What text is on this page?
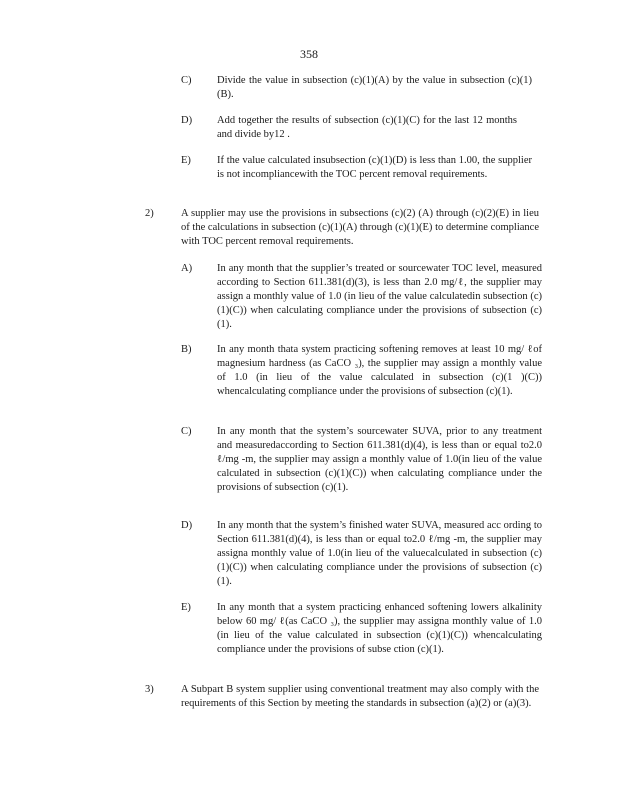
358
C) Divide the value in subsection (c)(1)(A) by the value in subsection (c)(1)(B).
D) Add together the results of subsection (c)(1)(C) for the last 12 months and divide by12 .
E) If the value calculated insubsection (c)(1)(D) is less than 1.00, the supplier is not incompliancewith the TOC percent removal requirements.
2)	A supplier may use the provisions in subsections (c)(2) (A) through (c)(2)(E) in lieu of the calculations in subsection (c)(1)(A) through (c)(1)(E) to determine compliance with TOC percent removal requirements.
A) In any month that the supplier’s treated or sourcewater TOC level, measured according to Section 611.381(d)(3), is less than 2.0 mg/ℓ, the supplier may assign a monthly value of 1.0 (in lieu of the value calculatedin subsection (c)(1)(C)) when calculating compliance under the provisions of subsection (c)(1).
B) In any month thata system practicing softening removes at least 10 mg/ ℓof magnesium hardness (as CaCO ₃), the supplier may assign a monthly value of 1.0 (in lieu of the value calculated in subsection (c)(1 )(C)) whencalculating compliance under the provisions of subsection (c)(1).
C) In any month that the system’s sourcewater SUVA, prior to any treatment and measuredaccording to Section 611.381(d)(4), is less than or equal to2.0 ℓ/mg -m, the supplier may assign a monthly value of 1.0(in lieu of the value calculated in subsection (c)(1)(C)) when calculating compliance under the provisions of subsection (c)(1).
D) In any month that the system’s finished water SUVA, measured acc ording to Section 611.381(d)(4), is less than or equal to2.0 ℓ/mg -m, the supplier may assigna monthly value of 1.0(in lieu of the valuecalculated in subsection (c)(1)(C)) when calculating compliance under the provisions of subsection (c)(1).
E) In any month that a system practicing enhanced softening lowers alkalinity below 60 mg/ ℓ(as CaCO ₃), the supplier may assigna monthly value of 1.0 (in lieu of the value calculated in subsection (c)(1)(C)) whencalculating compliance under the provisions of subse ction (c)(1).
3)	A Subpart B system supplier using conventional treatment may also comply with the requirements of this Section by meeting the standards in subsection (a)(2) or (a)(3).
